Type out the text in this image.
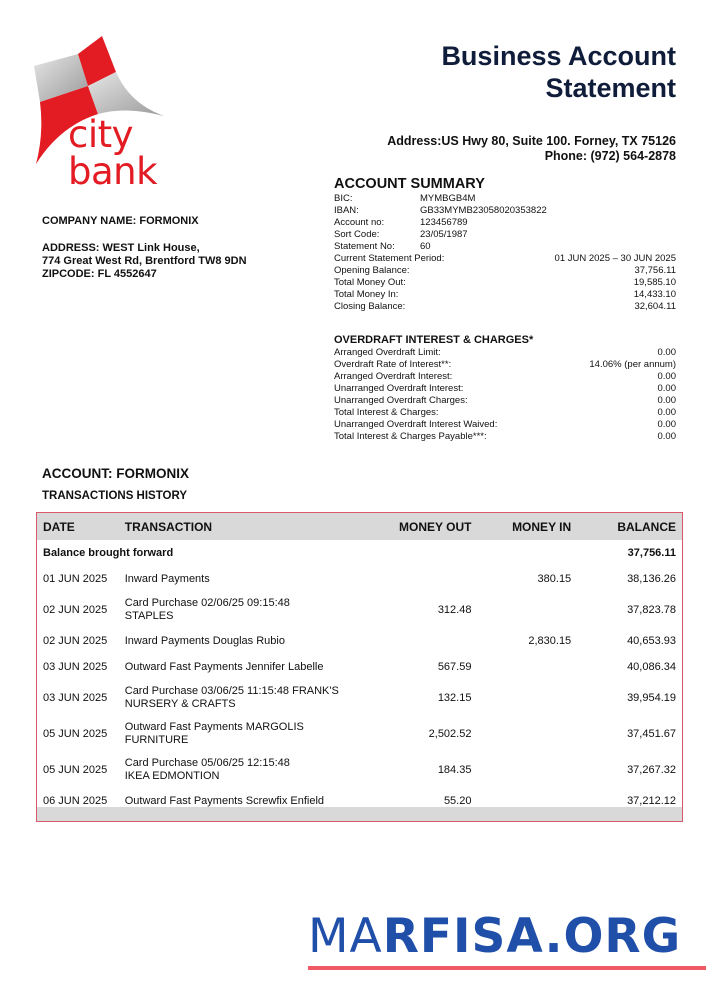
city bank
Business Account
Statement
Address:US Hwy 80, Suite 100. Forney, TX 75126
Phone: (972) 564-2878
COMPANY NAME: FORMONIX
ADDRESS: WEST Link House,
774 Great West Rd, Brentford TW8 9DN
ZIPCODE: FL 4552647
ACCOUNT SUMMARY
BIC:	MYMBGB4M
IBAN:	GB33MYMB23058020353822
Account no:	123456789
Sort Code:	23/05/1987
Statement No:	60
Current Statement Period:	01 JUN 2025 – 30 JUN 2025
Opening Balance:	37,756.11
Total Money Out:	19,585.10
Total Money In:	14,433.10
Closing Balance:	32,604.11
OVERDRAFT INTEREST & CHARGES*
Arranged Overdraft Limit:	0.00
Overdraft Rate of Interest**:	14.06% (per annum)
Arranged Overdraft Interest:	0.00
Unarranged Overdraft Interest:	0.00
Unarranged Overdraft Charges:	0.00
Total Interest & Charges:	0.00
Unarranged Overdraft Interest Waived:	0.00
Total Interest & Charges Payable***:	0.00
ACCOUNT: FORMONIX
TRANSACTIONS HISTORY
DATE	TRANSACTION	MONEY OUT	MONEY IN	BALANCE
Balance brought forward				37,756.11
01 JUN 2025	Inward Payments		380.15	38,136.26
02 JUN 2025	Card Purchase 02/06/25 09:15:48
STAPLES	312.48		37,823.78
02 JUN 2025	Inward Payments Douglas Rubio		2,830.15	40,653.93
03 JUN 2025	Outward Fast Payments Jennifer Labelle	567.59		40,086.34
03 JUN 2025	Card Purchase 03/06/25 11:15:48 FRANK'S
NURSERY & CRAFTS	132.15		39,954.19
05 JUN 2025	Outward Fast Payments MARGOLIS
FURNITURE	2,502.52		37,451.67
05 JUN 2025	Card Purchase 05/06/25 12:15:48
IKEA EDMONTION	184.35		37,267.32
06 JUN 2025	Outward Fast Payments Screwfix Enfield	55.20		37,212.12
MARFISA.ORG
